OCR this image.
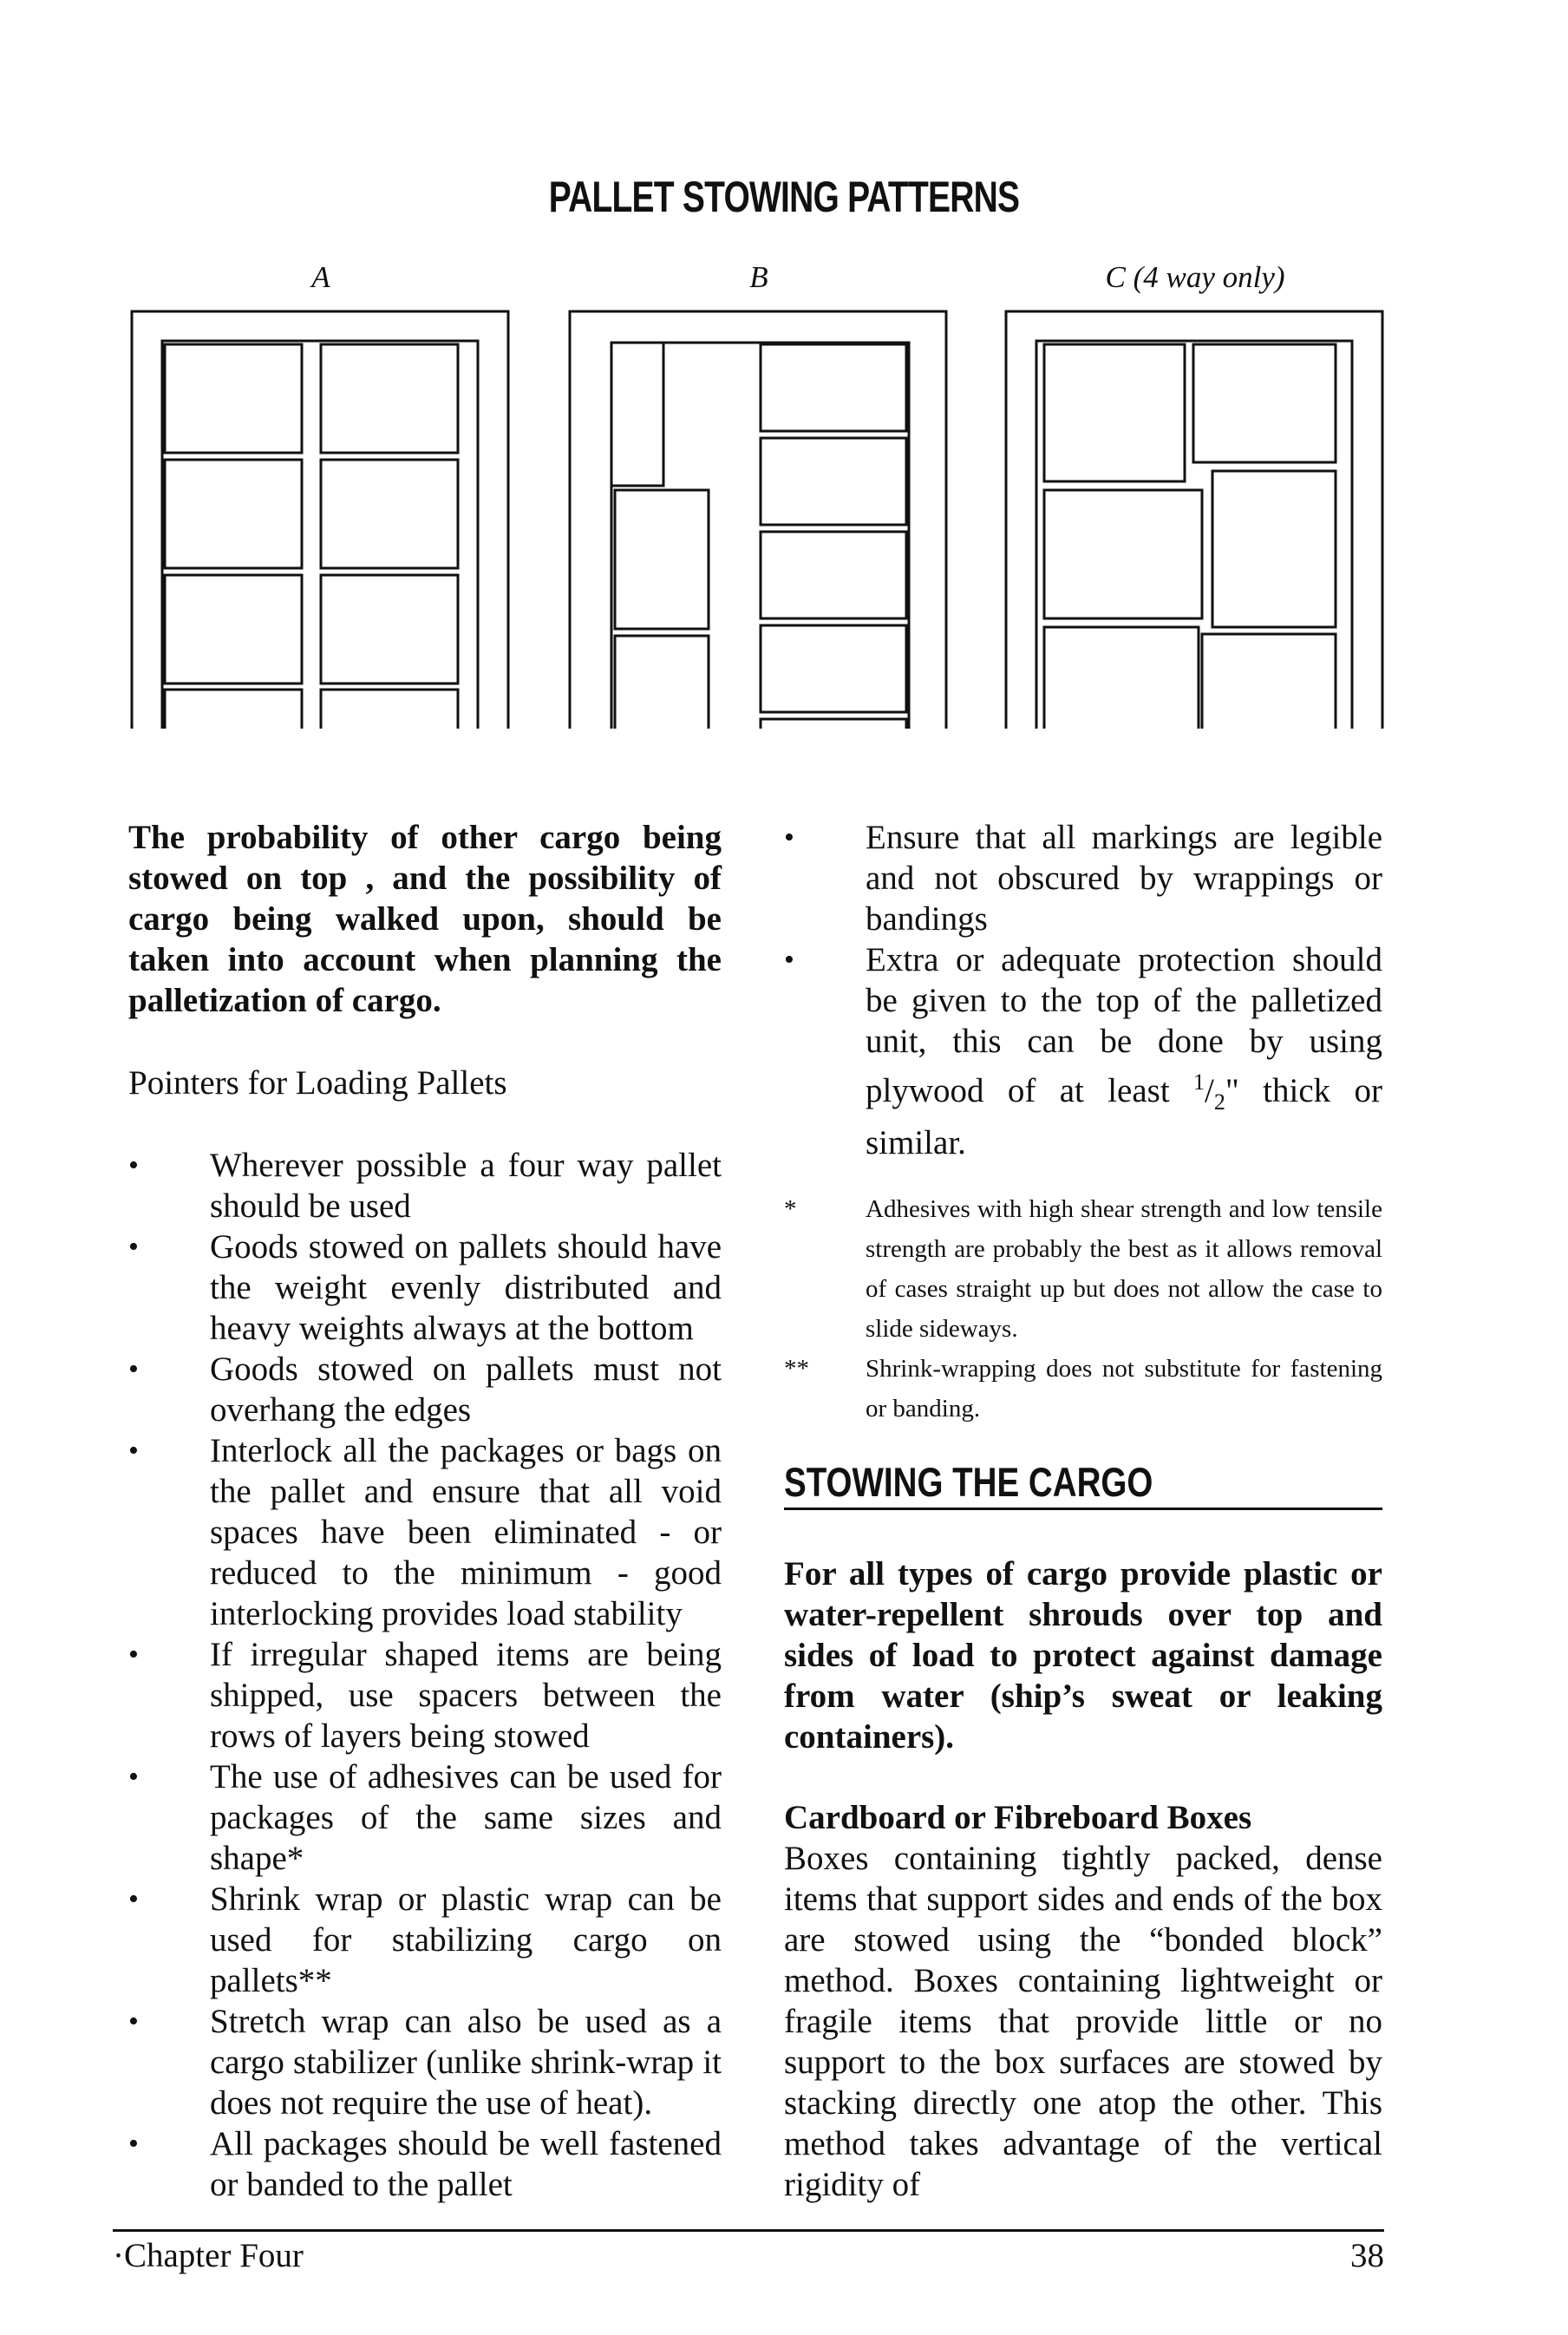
PALLET STOWING PATTERNS
A	B	C (4 way only)

The probability of other cargo being stowed on top , and the possibility of cargo being walked upon, should be taken into account when planning the palletization of cargo.

Pointers for Loading Pallets

• Wherever possible a four way pallet should be used
• Goods stowed on pallets should have the weight evenly distributed and heavy weights always at the bottom
• Goods stowed on pallets must not overhang the edges
• Interlock all the packages or bags on the pallet and ensure that all void spaces have been eliminated - or reduced to the minimum - good interlocking provides load stability
• If irregular shaped items are being shipped, use spacers between the rows of layers being stowed
• The use of adhesives can be used for packages of the same sizes and shape*
• Shrink wrap or plastic wrap can be used for stabilizing cargo on pallets**
• Stretch wrap can also be used as a cargo stabilizer (unlike shrink-wrap it does not require the use of heat).
• All packages should be well fastened or banded to the pallet
• Ensure that all markings are legible and not obscured by wrappings or bandings
• Extra or adequate protection should be given to the top of the palletized unit, this can be done by using plywood of at least $^1/_2$" thick or similar.
*	Adhesives with high shear strength and low tensile strength are probably the best as it allows removal of cases straight up but does not allow the case to slide sideways.
** Shrink-wrapping does not substitute for fastening or banding.
STOWING THE CARGO

For all types of cargo provide plastic or water-repellent shrouds over top and sides of load to protect against damage from water (ship’s sweat or leaking containers).

Cardboard or Fibreboard Boxes

Boxes containing tightly packed, dense items that support sides and ends of the box are stowed using the “bonded block” method. Boxes containing lightweight or fragile items that provide little or no support to the box surfaces are stowed by stacking directly one atop the other. This method takes advantage of the vertical rigidity of

·Chapter Four	38
